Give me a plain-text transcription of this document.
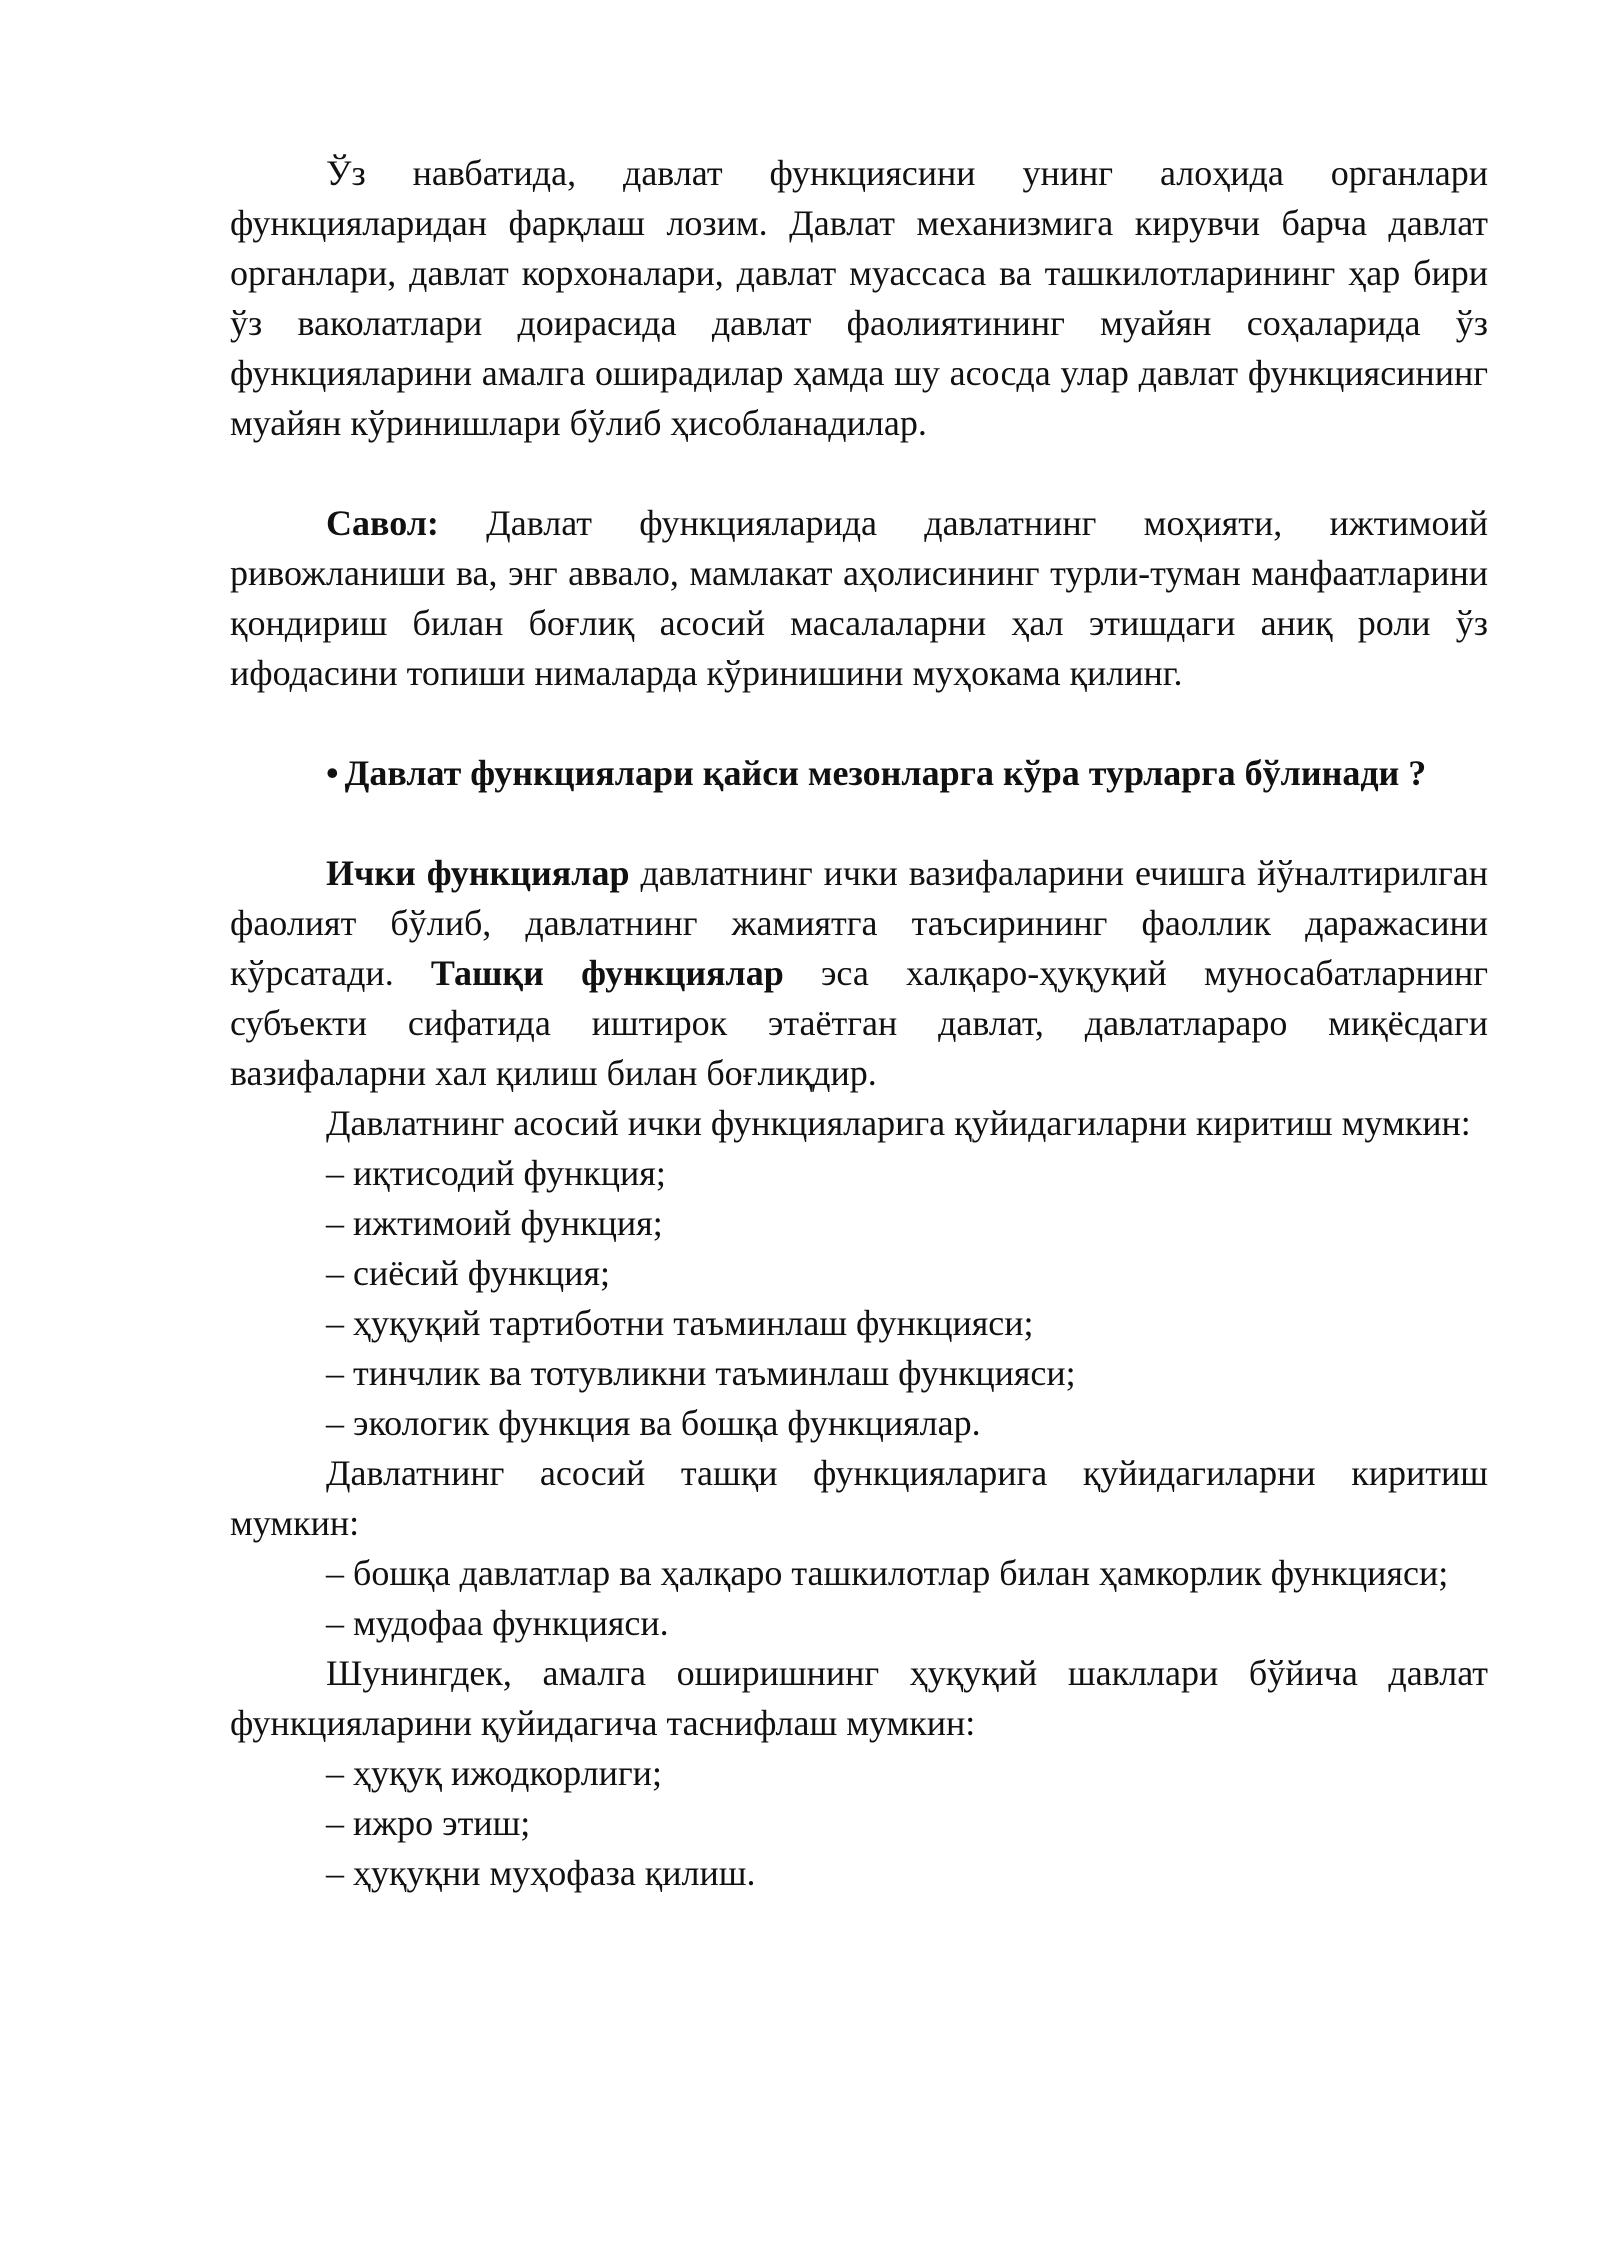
Ўз навбатида, давлат функциясини унинг алоҳида органлари функцияларидан фарқлаш лозим. Давлат механизмига кирувчи барча давлат органлари, давлат корхоналари, давлат муассаса ва ташкилотларининг ҳар бири ўз ваколатлари доирасида давлат фаолиятининг муайян соҳаларида ўз функцияларини амалга оширадилар ҳамда шу асосда улар давлат функциясининг муайян кўринишлари бўлиб ҳисобланадилар.

Савол: Давлат функцияларида давлатнинг моҳияти, ижтимоий ривожланиши ва, энг аввало, мамлакат аҳолисининг турли-туман манфаатларини қондириш билан боғлиқ асосий масалаларни ҳал этишдаги аниқ роли ўз ифодасини топиши нималарда кўринишини муҳокама қилинг.

• Давлат функциялари қайси мезонларга кўра турларга бўлинади ?

Ички функциялар давлатнинг ички вазифаларини ечишга йўналтирилган фаолият бўлиб, давлатнинг жамиятга таъсирининг фаоллик даражасини кўрсатади. Ташқи функциялар эса халқаро-ҳуқуқий муносабатларнинг субъекти сифатида иштирок этаётган давлат, давлатлараро миқёсдаги вазифаларни хал қилиш билан боғлиқдир.

Давлатнинг асосий ички функцияларига қуйидагиларни киритиш мумкин:

– иқтисодий функция;

– ижтимоий функция;

– сиёсий функция;

– ҳуқуқий тартиботни таъминлаш функцияси;

– тинчлик ва тотувликни таъминлаш функцияси;

– экологик функция ва бошқа функциялар.

Давлатнинг асосий ташқи функцияларига қуйидагиларни киритиш мумкин:

– бошқа давлатлар ва ҳалқаро ташкилотлар билан ҳамкорлик функцияси;

– мудофаа функцияси.

Шунингдек, амалга оширишнинг ҳуқуқий шакллари бўйича давлат функцияларини қуйидагича таснифлаш мумкин:

– ҳуқуқ ижодкорлиги;

– ижро этиш;

– ҳуқуқни муҳофаза қилиш.
